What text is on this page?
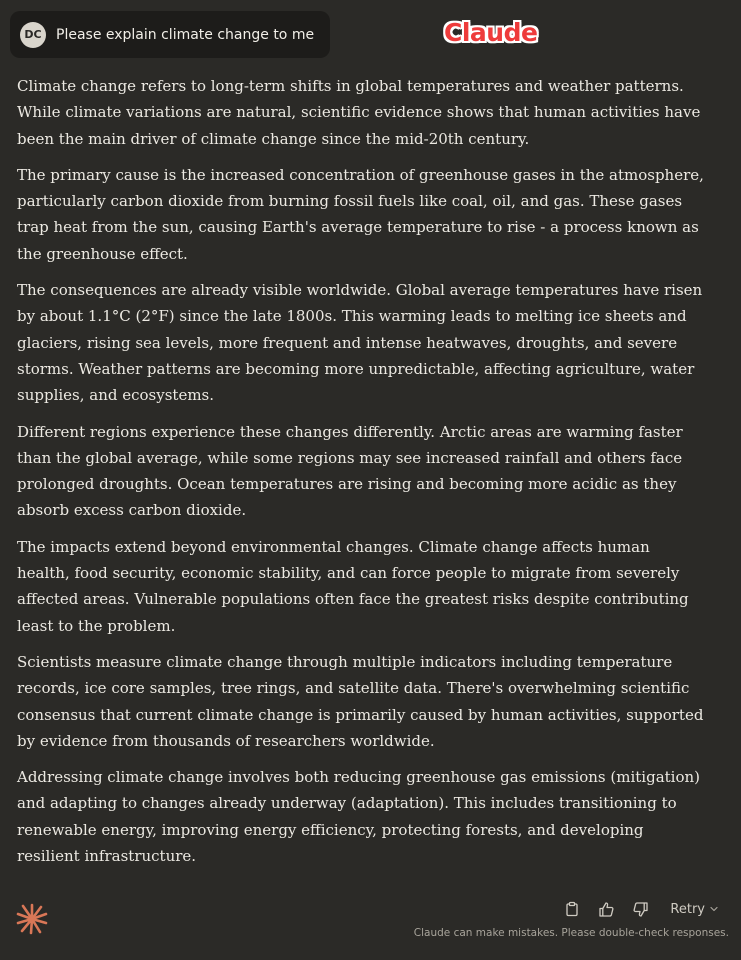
DC	Please explain climate change to me	Claude

Climate change refers to long-term shifts in global temperatures and weather patterns. While climate variations are natural, scientific evidence shows that human activities have been the main driver of climate change since the mid-20th century.

The primary cause is the increased concentration of greenhouse gases in the atmosphere, particularly carbon dioxide from burning fossil fuels like coal, oil, and gas. These gases trap heat from the sun, causing Earth's average temperature to rise - a process known as the greenhouse effect.

The consequences are already visible worldwide. Global average temperatures have risen by about 1.1°C (2°F) since the late 1800s. This warming leads to melting ice sheets and glaciers, rising sea levels, more frequent and intense heatwaves, droughts, and severe storms. Weather patterns are becoming more unpredictable, affecting agriculture, water supplies, and ecosystems.

Different regions experience these changes differently. Arctic areas are warming faster than the global average, while some regions may see increased rainfall and others face prolonged droughts. Ocean temperatures are rising and becoming more acidic as they absorb excess carbon dioxide.

The impacts extend beyond environmental changes. Climate change affects human health, food security, economic stability, and can force people to migrate from severely affected areas. Vulnerable populations often face the greatest risks despite contributing least to the problem.

Scientists measure climate change through multiple indicators including temperature records, ice core samples, tree rings, and satellite data. There's overwhelming scientific consensus that current climate change is primarily caused by human activities, supported by evidence from thousands of researchers worldwide.

Addressing climate change involves both reducing greenhouse gas emissions (mitigation) and adapting to changes already underway (adaptation). This includes transitioning to renewable energy, improving energy efficiency, protecting forests, and developing resilient infrastructure.

Retry
Claude can make mistakes. Please double-check responses.
